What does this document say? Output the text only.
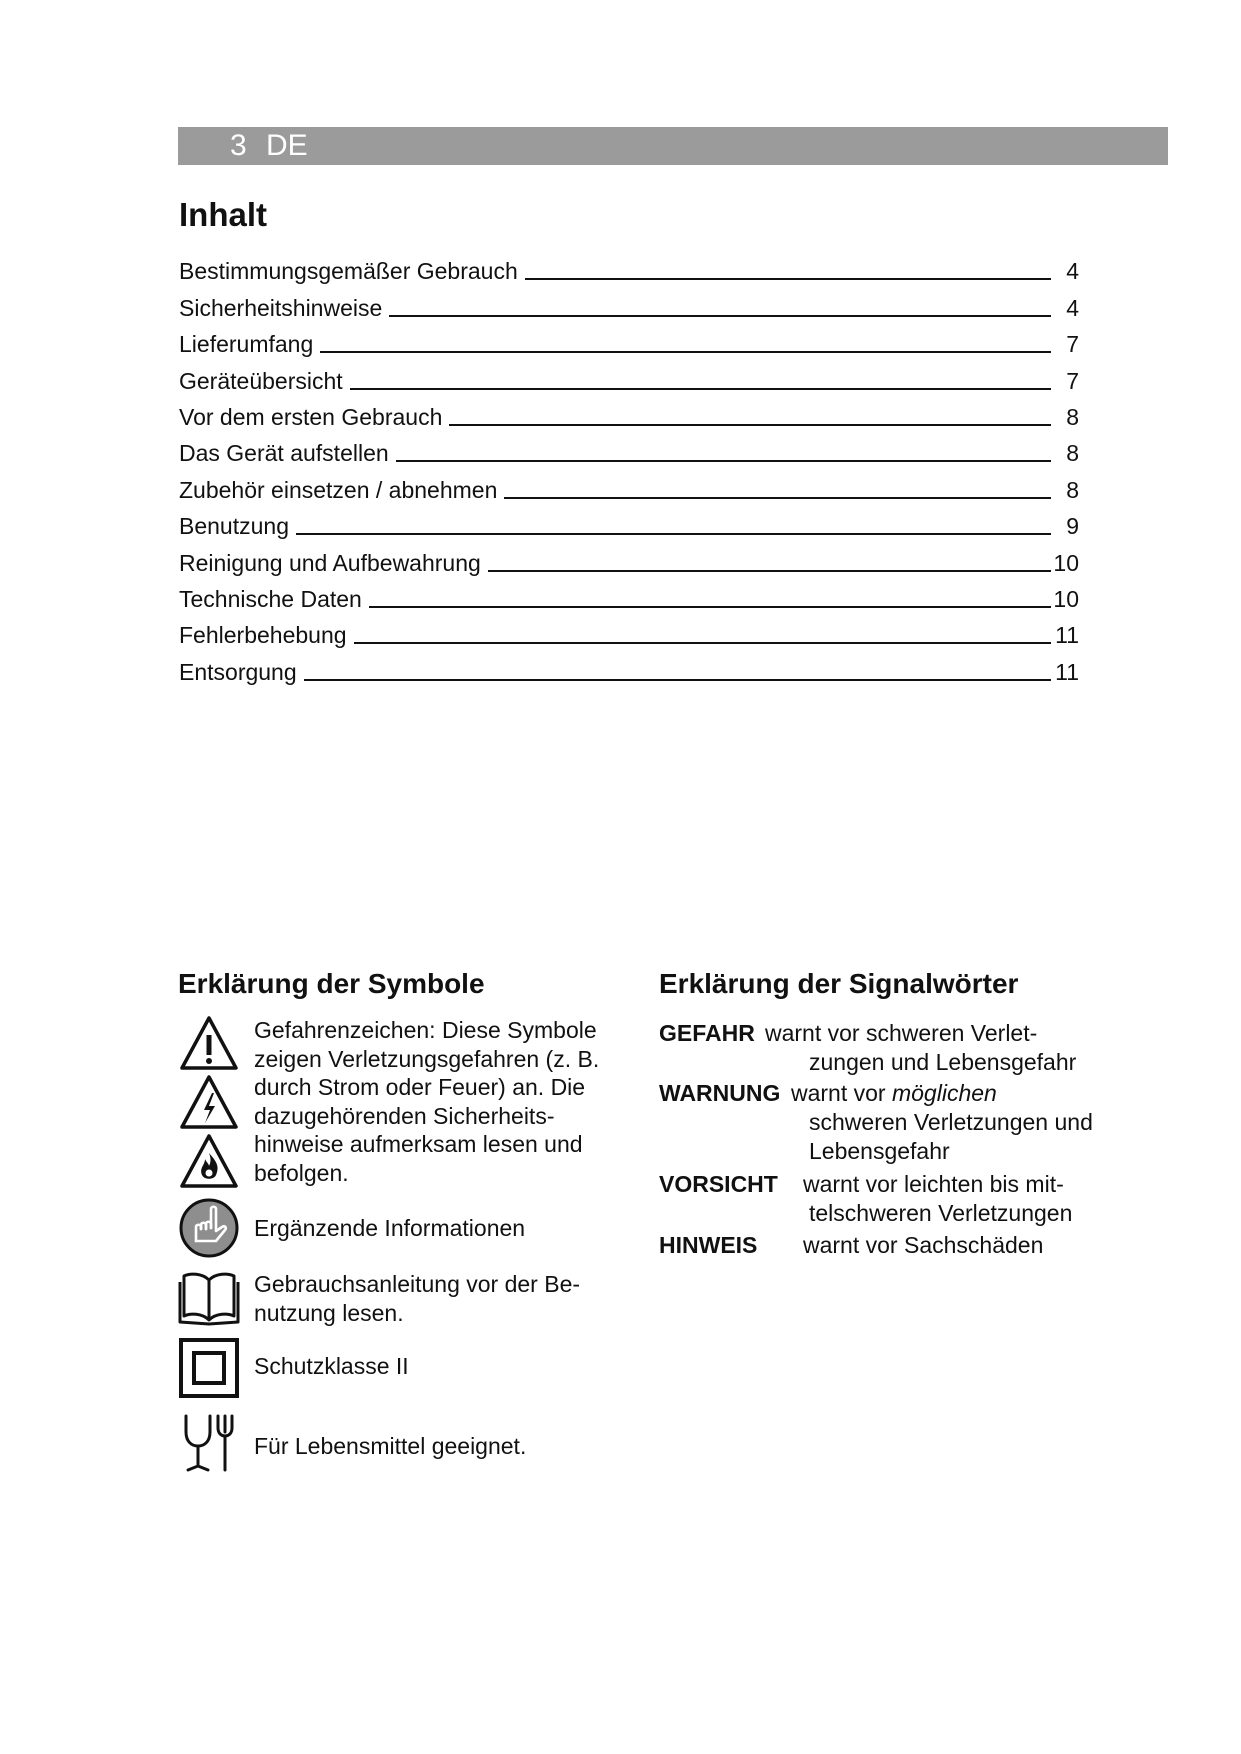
3 DE
Inhalt
Bestimmungsgemäßer Gebrauch	4
Sicherheitshinweise	4
Lieferumfang	7
Geräteübersicht	7
Vor dem ersten Gebrauch	8
Das Gerät aufstellen	8
Zubehör einsetzen / abnehmen	8
Benutzung	9
Reinigung und Aufbewahrung	10
Technische Daten	10
Fehlerbehebung	11
Entsorgung	11
Erklärung der Symbole
Gefahrenzeichen: Diese Symbole
zeigen Verletzungsgefahren (z. B.
durch Strom oder Feuer) an. Die
dazugehörenden Sicherheits-
hinweise aufmerksam lesen und
befolgen.
Ergänzende Informationen
Gebrauchsanleitung vor der Be-
nutzung lesen.
Schutzklasse II
Für Lebensmittel geeignet.
Erklärung der Signalwörter
GEFAHR warnt vor schweren Verlet-
zungen und Lebensgefahr
WARNUNG warnt vor möglichen
schweren Verletzungen und
Lebensgefahr
VORSICHT warnt vor leichten bis mit-
telschweren Verletzungen
HINWEIS warnt vor Sachschäden
